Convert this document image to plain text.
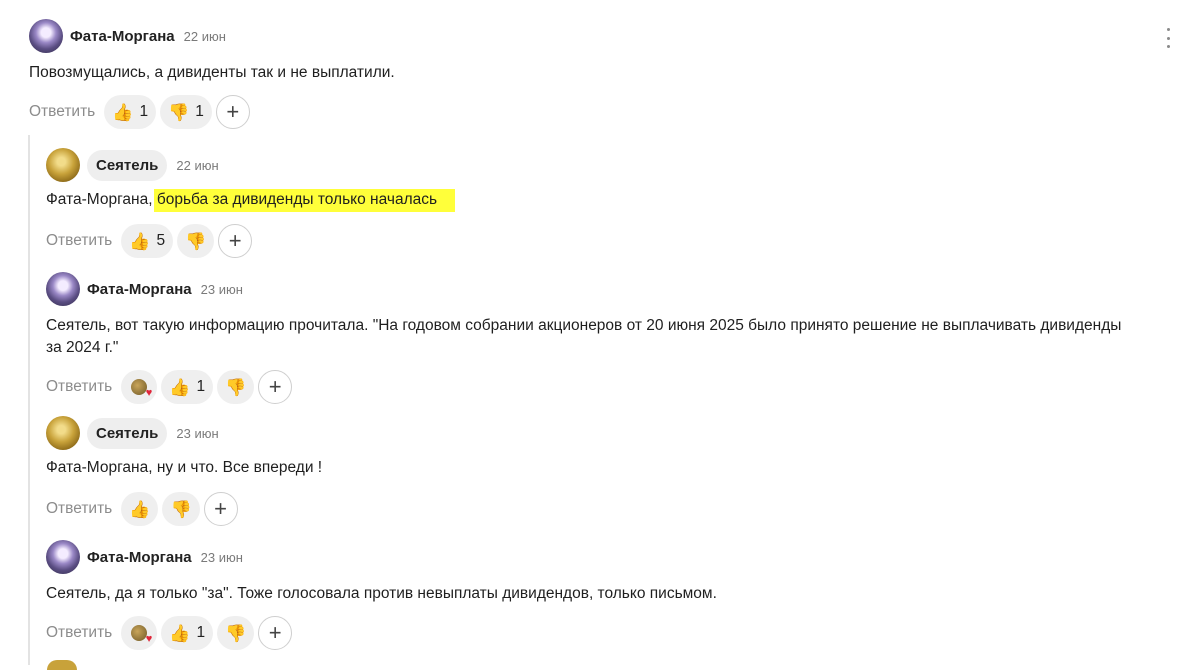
Фата-Моргана 22 июн
Повозмущались, а дивиденты так и не выплатили.
Ответить 👍 1 👎 1 +
Сеятель	22 июн
Фата-Моргана, борьба за дивиденды только началась
Ответить 👍 5 👎 +
Фата-Моргана 23 июн
Сеятель, вот такую информацию прочитала. "На годовом собрании акционеров от 20 июня 2025 было принято решение не выплачивать дивиденды за 2024 г."
Ответить ♥	👍 1 👎 +
Сеятель	23 июн
Фата-Моргана, ну и что. Все впереди !
Ответить 👍 👎 +
Фата-Моргана 23 июн
Сеятель, да я только "за". Тоже голосовала против невыплаты дивидендов, только письмом.
Ответить ♥	👍 1 👎 +
